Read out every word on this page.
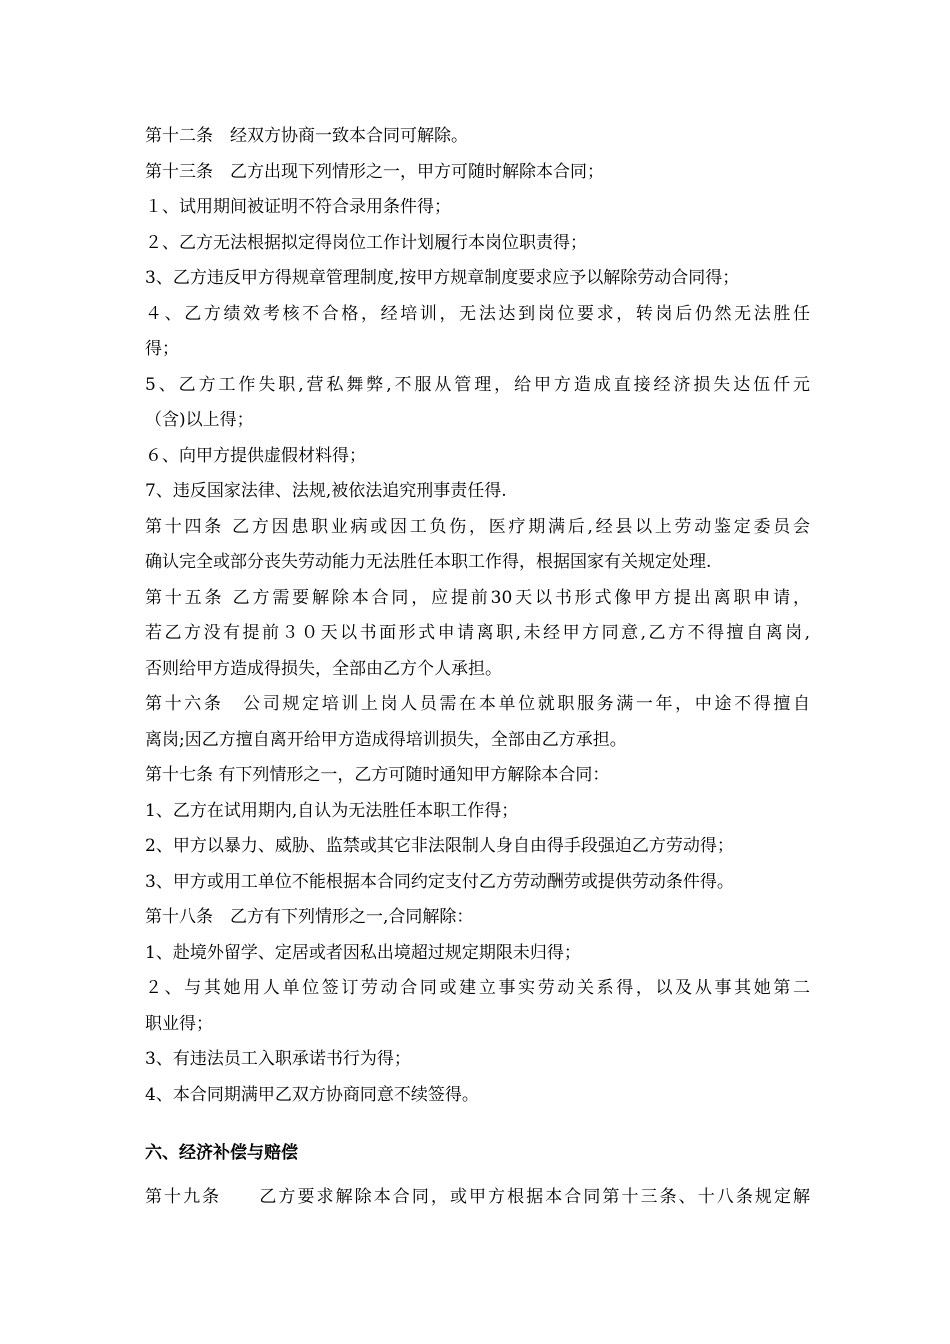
第十二条　经双方协商一致本合同可解除。
第十三条　乙方出现下列情形之一，甲方可随时解除本合同；
１、试用期间被证明不符合录用条件得；
２、乙方无法根据拟定得岗位工作计划履行本岗位职责得；
3、乙方违反甲方得规章管理制度,按甲方规章制度要求应予以解除劳动合同得；
４、乙方绩效考核不合格，经培训，无法达到岗位要求，转岗后仍然无法胜任
得；
5、乙方工作失职,营私舞弊,不服从管理，给甲方造成直接经济损失达伍仟元
（含)以上得；
６、向甲方提供虚假材料得；
7、违反国家法律、法规,被依法追究刑事责任得.
第十四条 乙方因患职业病或因工负伤，医疗期满后,经县以上劳动鉴定委员会
确认完全或部分丧失劳动能力无法胜任本职工作得，根据国家有关规定处理.
第十五条 乙方需要解除本合同，应提前30天以书形式像甲方提出离职申请，
若乙方没有提前３０天以书面形式申请离职,未经甲方同意,乙方不得擅自离岗,
否则给甲方造成得损失，全部由乙方个人承担。
第十六条　公司规定培训上岗人员需在本单位就职服务满一年，中途不得擅自
离岗;因乙方擅自离开给甲方造成得培训损失，全部由乙方承担。
第十七条 有下列情形之一，乙方可随时通知甲方解除本合同：
1、乙方在试用期内,自认为无法胜任本职工作得；
2、甲方以暴力、威胁、监禁或其它非法限制人身自由得手段强迫乙方劳动得；
3、甲方或用工单位不能根据本合同约定支付乙方劳动酬劳或提供劳动条件得。
第十八条　乙方有下列情形之一,合同解除：
1、赴境外留学、定居或者因私出境超过规定期限未归得；
２、与其她用人单位签订劳动合同或建立事实劳动关系得，以及从事其她第二
职业得；
3、有违法员工入职承诺书行为得；
4、本合同期满甲乙双方协商同意不续签得。
六、经济补偿与赔偿
第十九条　　乙方要求解除本合同，或甲方根据本合同第十三条、十八条规定解
